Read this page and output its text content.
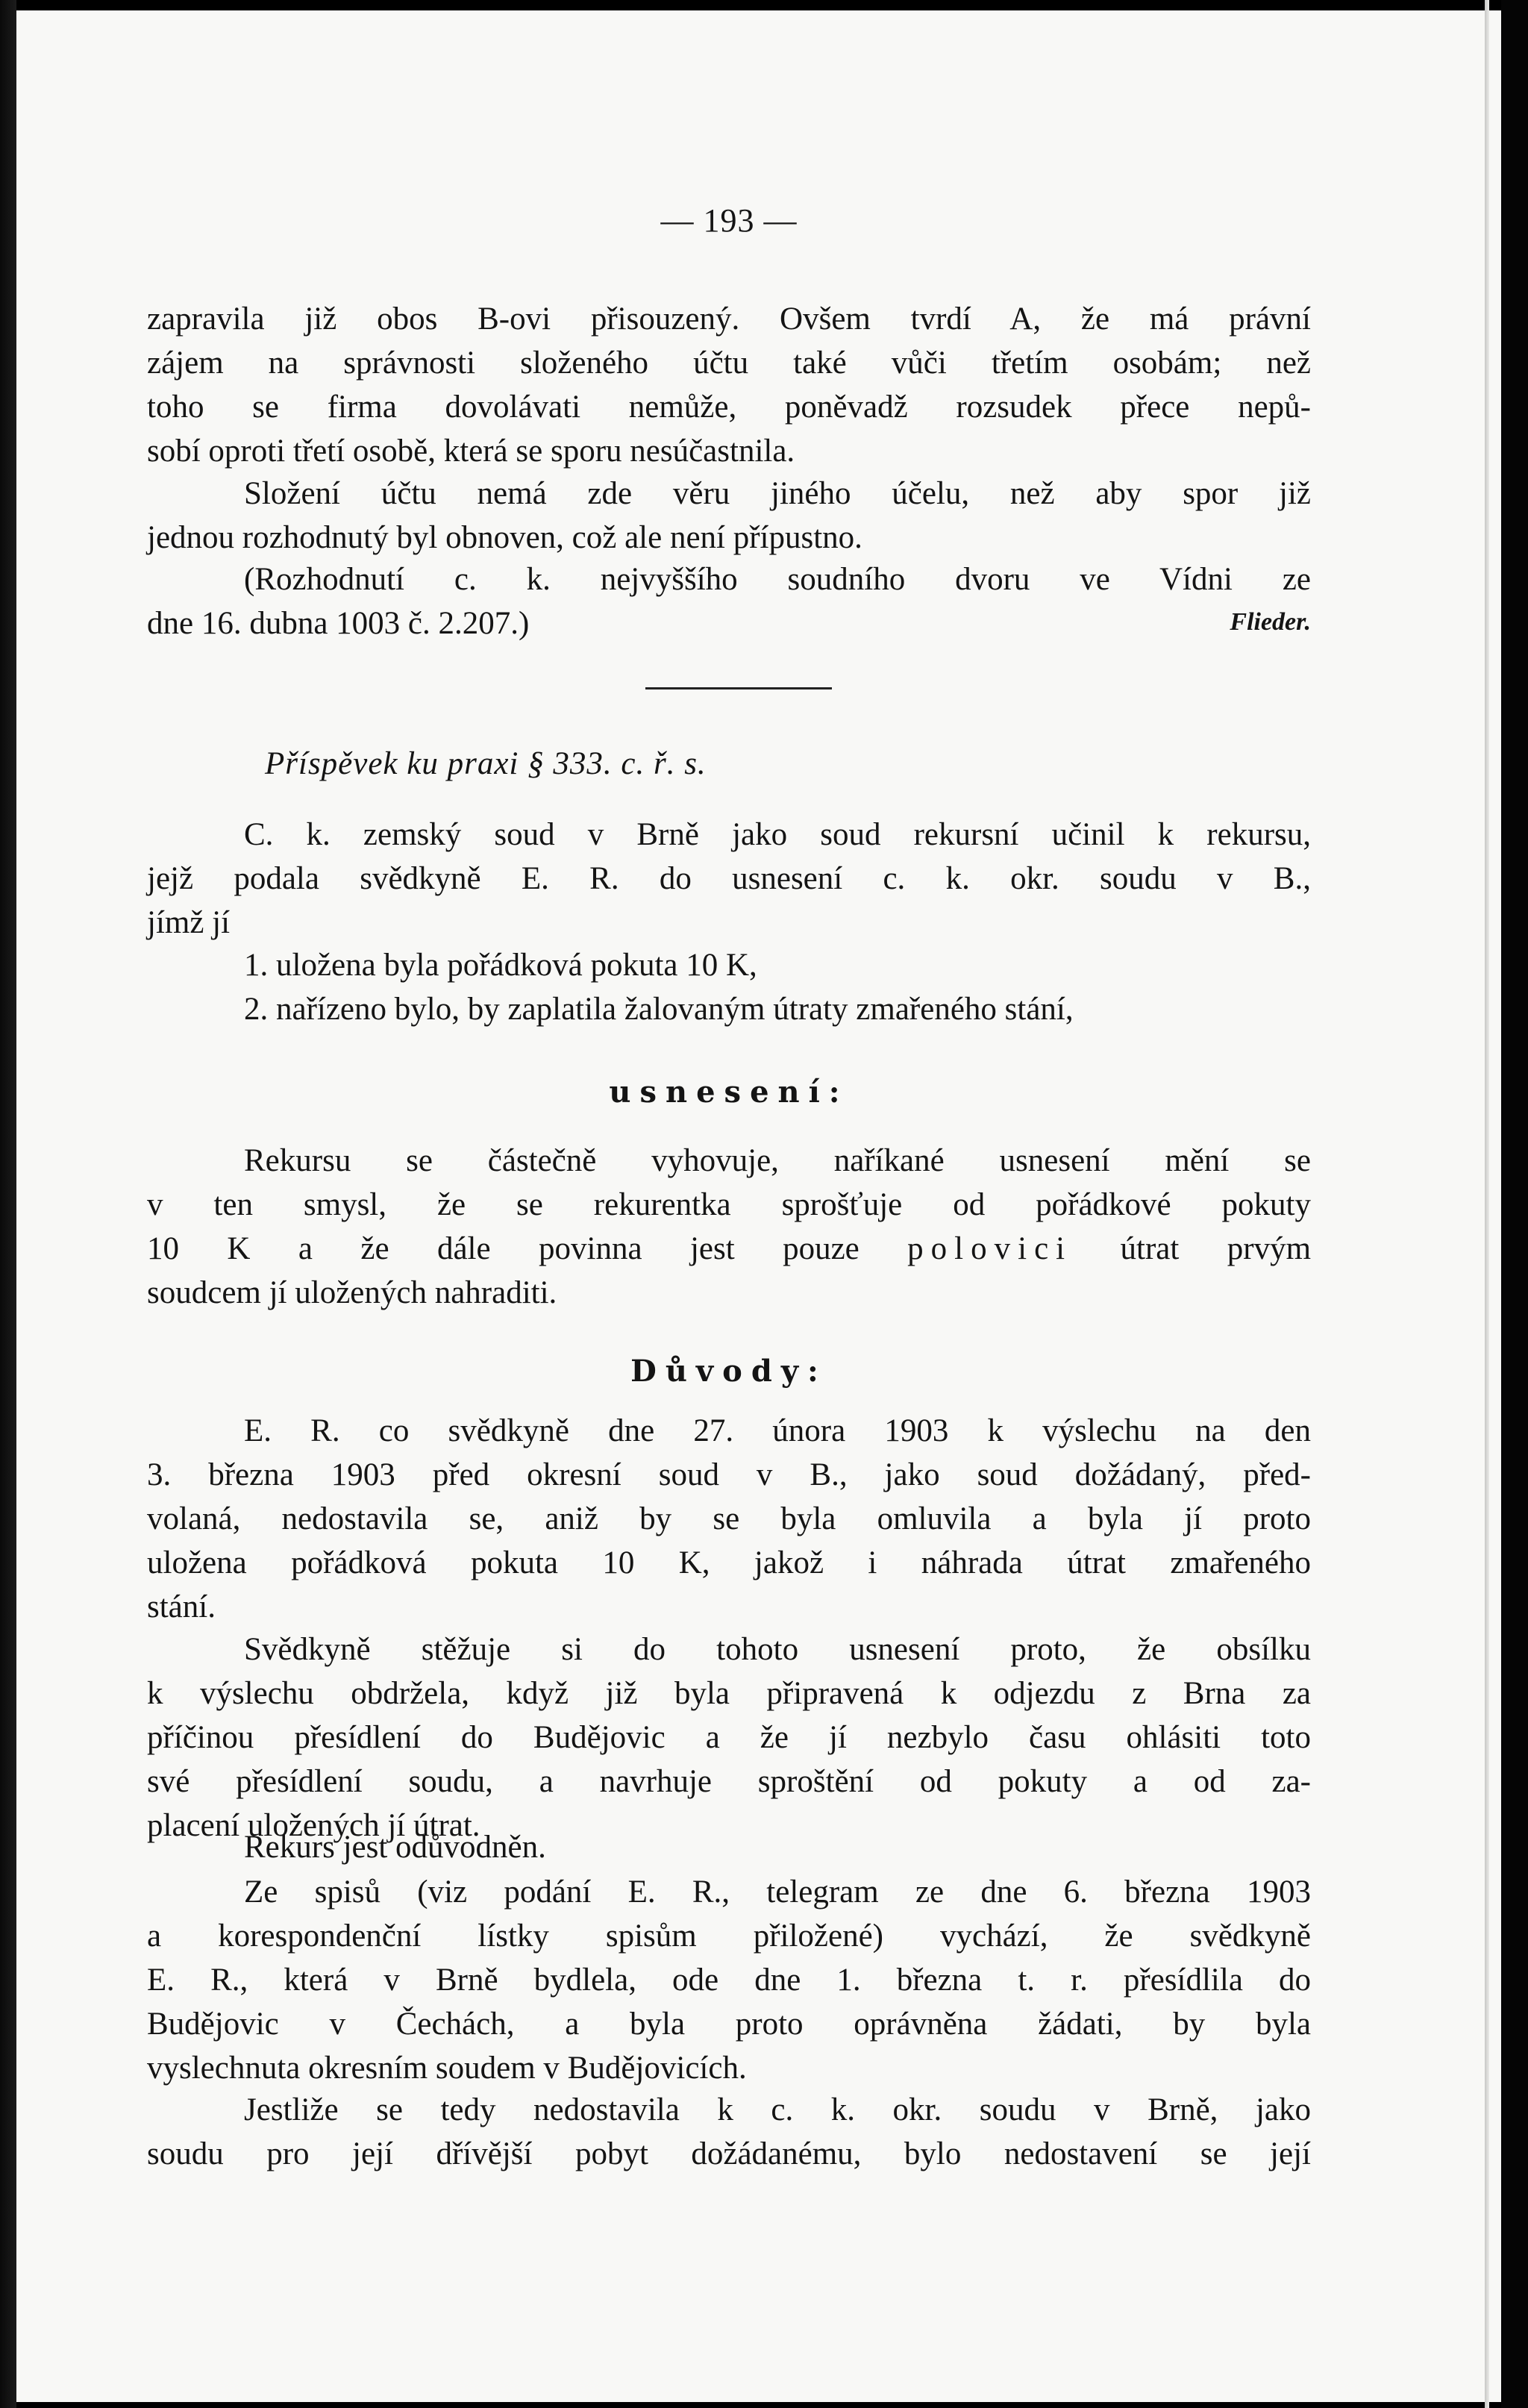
— 193 —
zapravila již obos B-ovi přisouzený. Ovšem tvrdí A, že má právní
zájem na správnosti složeného účtu také vůči třetím osobám; než
toho se firma dovolávati nemůže, poněvadž rozsudek přece nepů-
sobí oproti třetí osobě, která se sporu nesúčastnila.
Složení účtu nemá zde věru jiného účelu, než aby spor již
jednou rozhodnutý byl obnoven, což ale není přípustno.
(Rozhodnutí c. k. nejvyššího soudního dvoru ve Vídni ze
dne 16. dubna 1003 č. 2.207.)	Flieder.
Příspěvek ku praxi § 333. c. ř. s.
C. k. zemský soud v Brně jako soud rekursní učinil k rekursu,
jejž podala svědkyně E. R. do usnesení c. k. okr. soudu v B.,
jímž jí
1. uložena byla pořádková pokuta 10 K,
2. nařízeno bylo, by zaplatila žalovaným útraty zmařeného stání,
usnesení:
Rekursu se částečně vyhovuje, naříkané usnesení mění se
v ten smysl, že se rekurentka sprošťuje od pořádkové pokuty
10 K a že dále povinna jest pouze polovici útrat prvým
soudcem jí uložených nahraditi.
Důvody:
E. R. co svědkyně dne 27. února 1903 k výslechu na den
3. března 1903 před okresní soud v B., jako soud dožádaný, před-
volaná, nedostavila se, aniž by se byla omluvila a byla jí proto
uložena pořádková pokuta 10 K, jakož i náhrada útrat zmařeného
stání.
Svědkyně stěžuje si do tohoto usnesení proto, že obsílku
k výslechu obdržela, když již byla připravená k odjezdu z Brna za
příčinou přesídlení do Budějovic a že jí nezbylo času ohlásiti toto
své přesídlení soudu, a navrhuje sproštění od pokuty a od za-
placení uložených jí útrat.
Rekurs jest odůvodněn.
Ze spisů (viz podání E. R., telegram ze dne 6. března 1903
a korespondenční lístky spisům přiložené) vychází, že svědkyně
E. R., která v Brně bydlela, ode dne 1. března t. r. přesídlila do
Budějovic v Čechách, a byla proto oprávněna žádati, by byla
vyslechnuta okresním soudem v Budějovicích.
Jestliže se tedy nedostavila k c. k. okr. soudu v Brně, jako
soudu pro její dřívější pobyt dožádanému, bylo nedostavení se její
